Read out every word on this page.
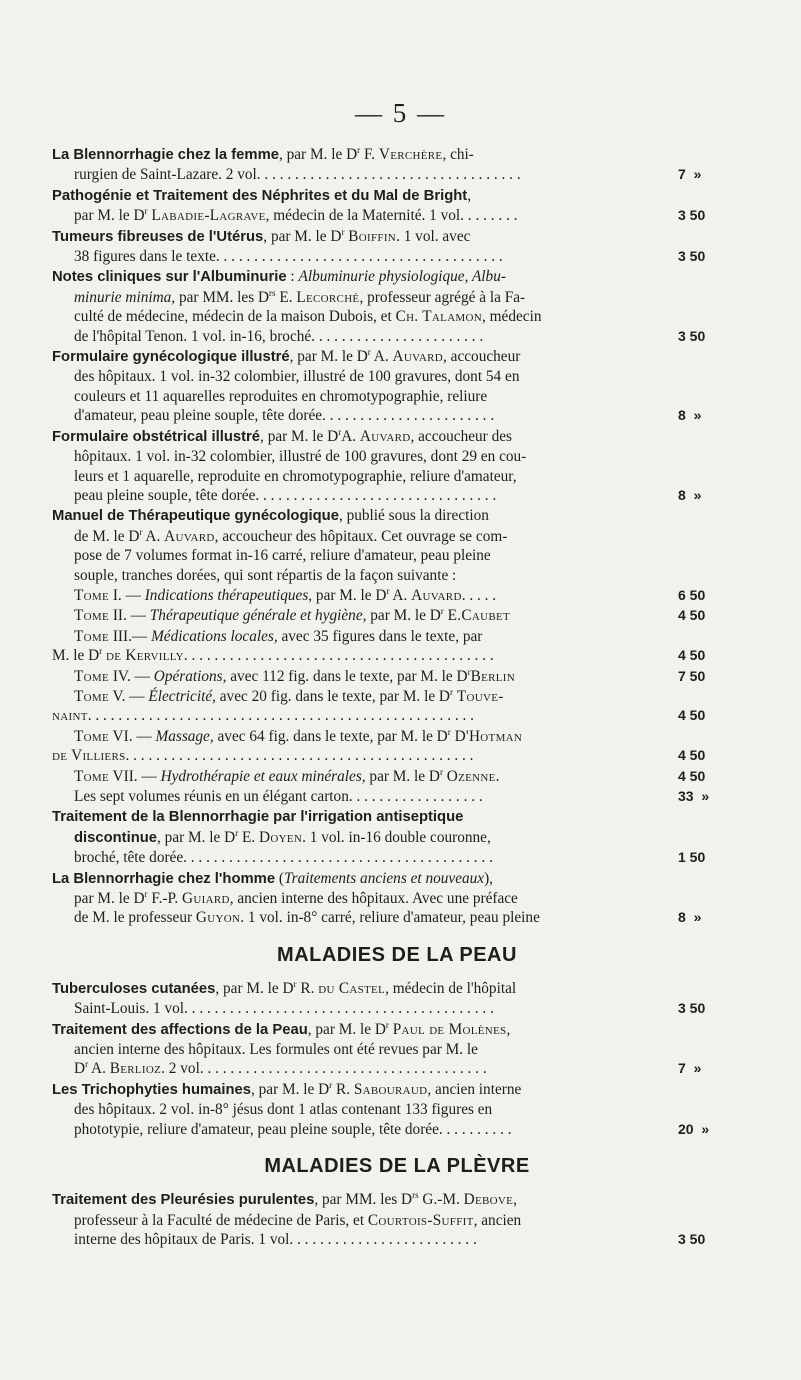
— 5 —
La Blennorrhagie chez la femme, par M. le $D^r$ F. Verchère, chi-
rurgien de Saint-Lazare. 2 vol. . . . . . . . . . . . . . . . . . . . . . . . . . . . . . . . . . .	7  »
Pathogénie et Traitement des Néphrites et du Mal de Bright,
par M. le $D^r$ Labadie-Lagrave, médecin de la Maternité. 1 vol. . . . . . . .	3 50
Tumeurs fibreuses de l'Utérus, par M. le $D^r$ Boiffin. 1 vol. avec
38 figures dans le texte. . . . . . . . . . . . . . . . . . . . . . . . . . . . . . . . . . . . . .	3 50
Notes cliniques sur l'Albuminurie : Albuminurie physiologique, Albu-
minurie minima, par MM. les $D^{rs}$ E. Lecorché, professeur agrégé à la Fa-
culté de médecine, médecin de la maison Dubois, et Ch. Talamon, médecin
de l'hôpital Tenon. 1 vol. in-16, broché. . . . . . . . . . . . . . . . . . . . . . .	3 50
Formulaire gynécologique illustré, par M. le $D^r$ A. Auvard, accoucheur
des hôpitaux. 1 vol. in-32 colombier, illustré de 100 gravures, dont 54 en
couleurs et 11 aquarelles reproduites en chromotypographie, reliure
d'amateur, peau pleine souple, tête dorée. . . . . . . . . . . . . . . . . . . . . . .	8  »
Formulaire obstétrical illustré, par M. le $D^rA$. Auvard, accoucheur des
hôpitaux. 1 vol. in-32 colombier, illustré de 100 gravures, dont 29 en cou-
leurs et 1 aquarelle, reproduite en chromotypographie, reliure d'amateur,
peau pleine souple, tête dorée. . . . . . . . . . . . . . . . . . . . . . . . . . . . . . . .	8  »
Manuel de Thérapeutique gynécologique, publié sous la direction
de M. le $D^r$ A. Auvard, accoucheur des hôpitaux. Cet ouvrage se com-
pose de 7 volumes format in-16 carré, reliure d'amateur, peau pleine
souple, tranches dorées, qui sont répartis de la façon suivante :
Tome I. — Indications thérapeutiques, par M. le $D^r$ A. Auvard. . . . .	6 50
Tome II. — Thérapeutique générale et hygiène, par M. le $D^r$ E.Caubet	4 50
Tome III.— Médications locales, avec 35 figures dans le texte, par
M. le $D^r$ de Kervilly. . . . . . . . . . . . . . . . . . . . . . . . . . . . . . . . . . . . . . . . .	4 50
Tome IV. — Opérations, avec 112 fig. dans le texte, par M. le $D^rBerlin$	7 50
Tome V. — Électricité, avec 20 fig. dans le texte, par M. le $D^r$ Touve-
naint. . . . . . . . . . . . . . . . . . . . . . . . . . . . . . . . . . . . . . . . . . . . . . . . . . .	4 50
Tome VI. — Massage, avec 64 fig. dans le texte, par M. le $D^r$ D'Hotman
de Villiers. . . . . . . . . . . . . . . . . . . . . . . . . . . . . . . . . . . . . . . . . . . . . .	4 50
Tome VII. — Hydrothérapie et eaux minérales, par M. le $D^r$ Ozenne.	4 50
Les sept volumes réunis en un élégant carton. . . . . . . . . . . . . . . . . .	33  »
Traitement de la Blennorrhagie par l'irrigation antiseptique
discontinue, par M. le $D^r$ E. Doyen. 1 vol. in-16 double couronne,
broché, tête dorée. . . . . . . . . . . . . . . . . . . . . . . . . . . . . . . . . . . . . . . . .	1 50
La Blennorrhagie chez l'homme (Traitements anciens et nouveaux),
par M. le $D^r$ F.-P. Guiard, ancien interne des hôpitaux. Avec une préface
de M. le professeur Guyon. 1 vol. in-8° carré, reliure d'amateur, peau pleine	8  »
MALADIES DE LA PEAU
Tuberculoses cutanées, par M. le $D^r$ R. du Castel, médecin de l'hôpital
Saint-Louis. 1 vol. . . . . . . . . . . . . . . . . . . . . . . . . . . . . . . . . . . . . . . . .	3 50
Traitement des affections de la Peau, par M. le $D^r$ Paul de Molènes,
ancien interne des hôpitaux. Les formules ont été revues par M. le
$D^r$ A. Berlioz. 2 vol. . . . . . . . . . . . . . . . . . . . . . . . . . . . . . . . . . . . . .	7  »
Les Trichophyties humaines, par M. le $D^r$ R. Sabouraud, ancien interne
des hôpitaux. 2 vol. in-8° jésus dont 1 atlas contenant 133 figures en
phototypie, reliure d'amateur, peau pleine souple, tête dorée. . . . . . . . . .	20  »
MALADIES DE LA PLÈVRE
Traitement des Pleurésies purulentes, par MM. les $D^{rs}$ G.-M. Debove,
professeur à la Faculté de médecine de Paris, et Courtois-Suffit, ancien
interne des hôpitaux de Paris. 1 vol. . . . . . . . . . . . . . . . . . . . . . . . .	3 50
